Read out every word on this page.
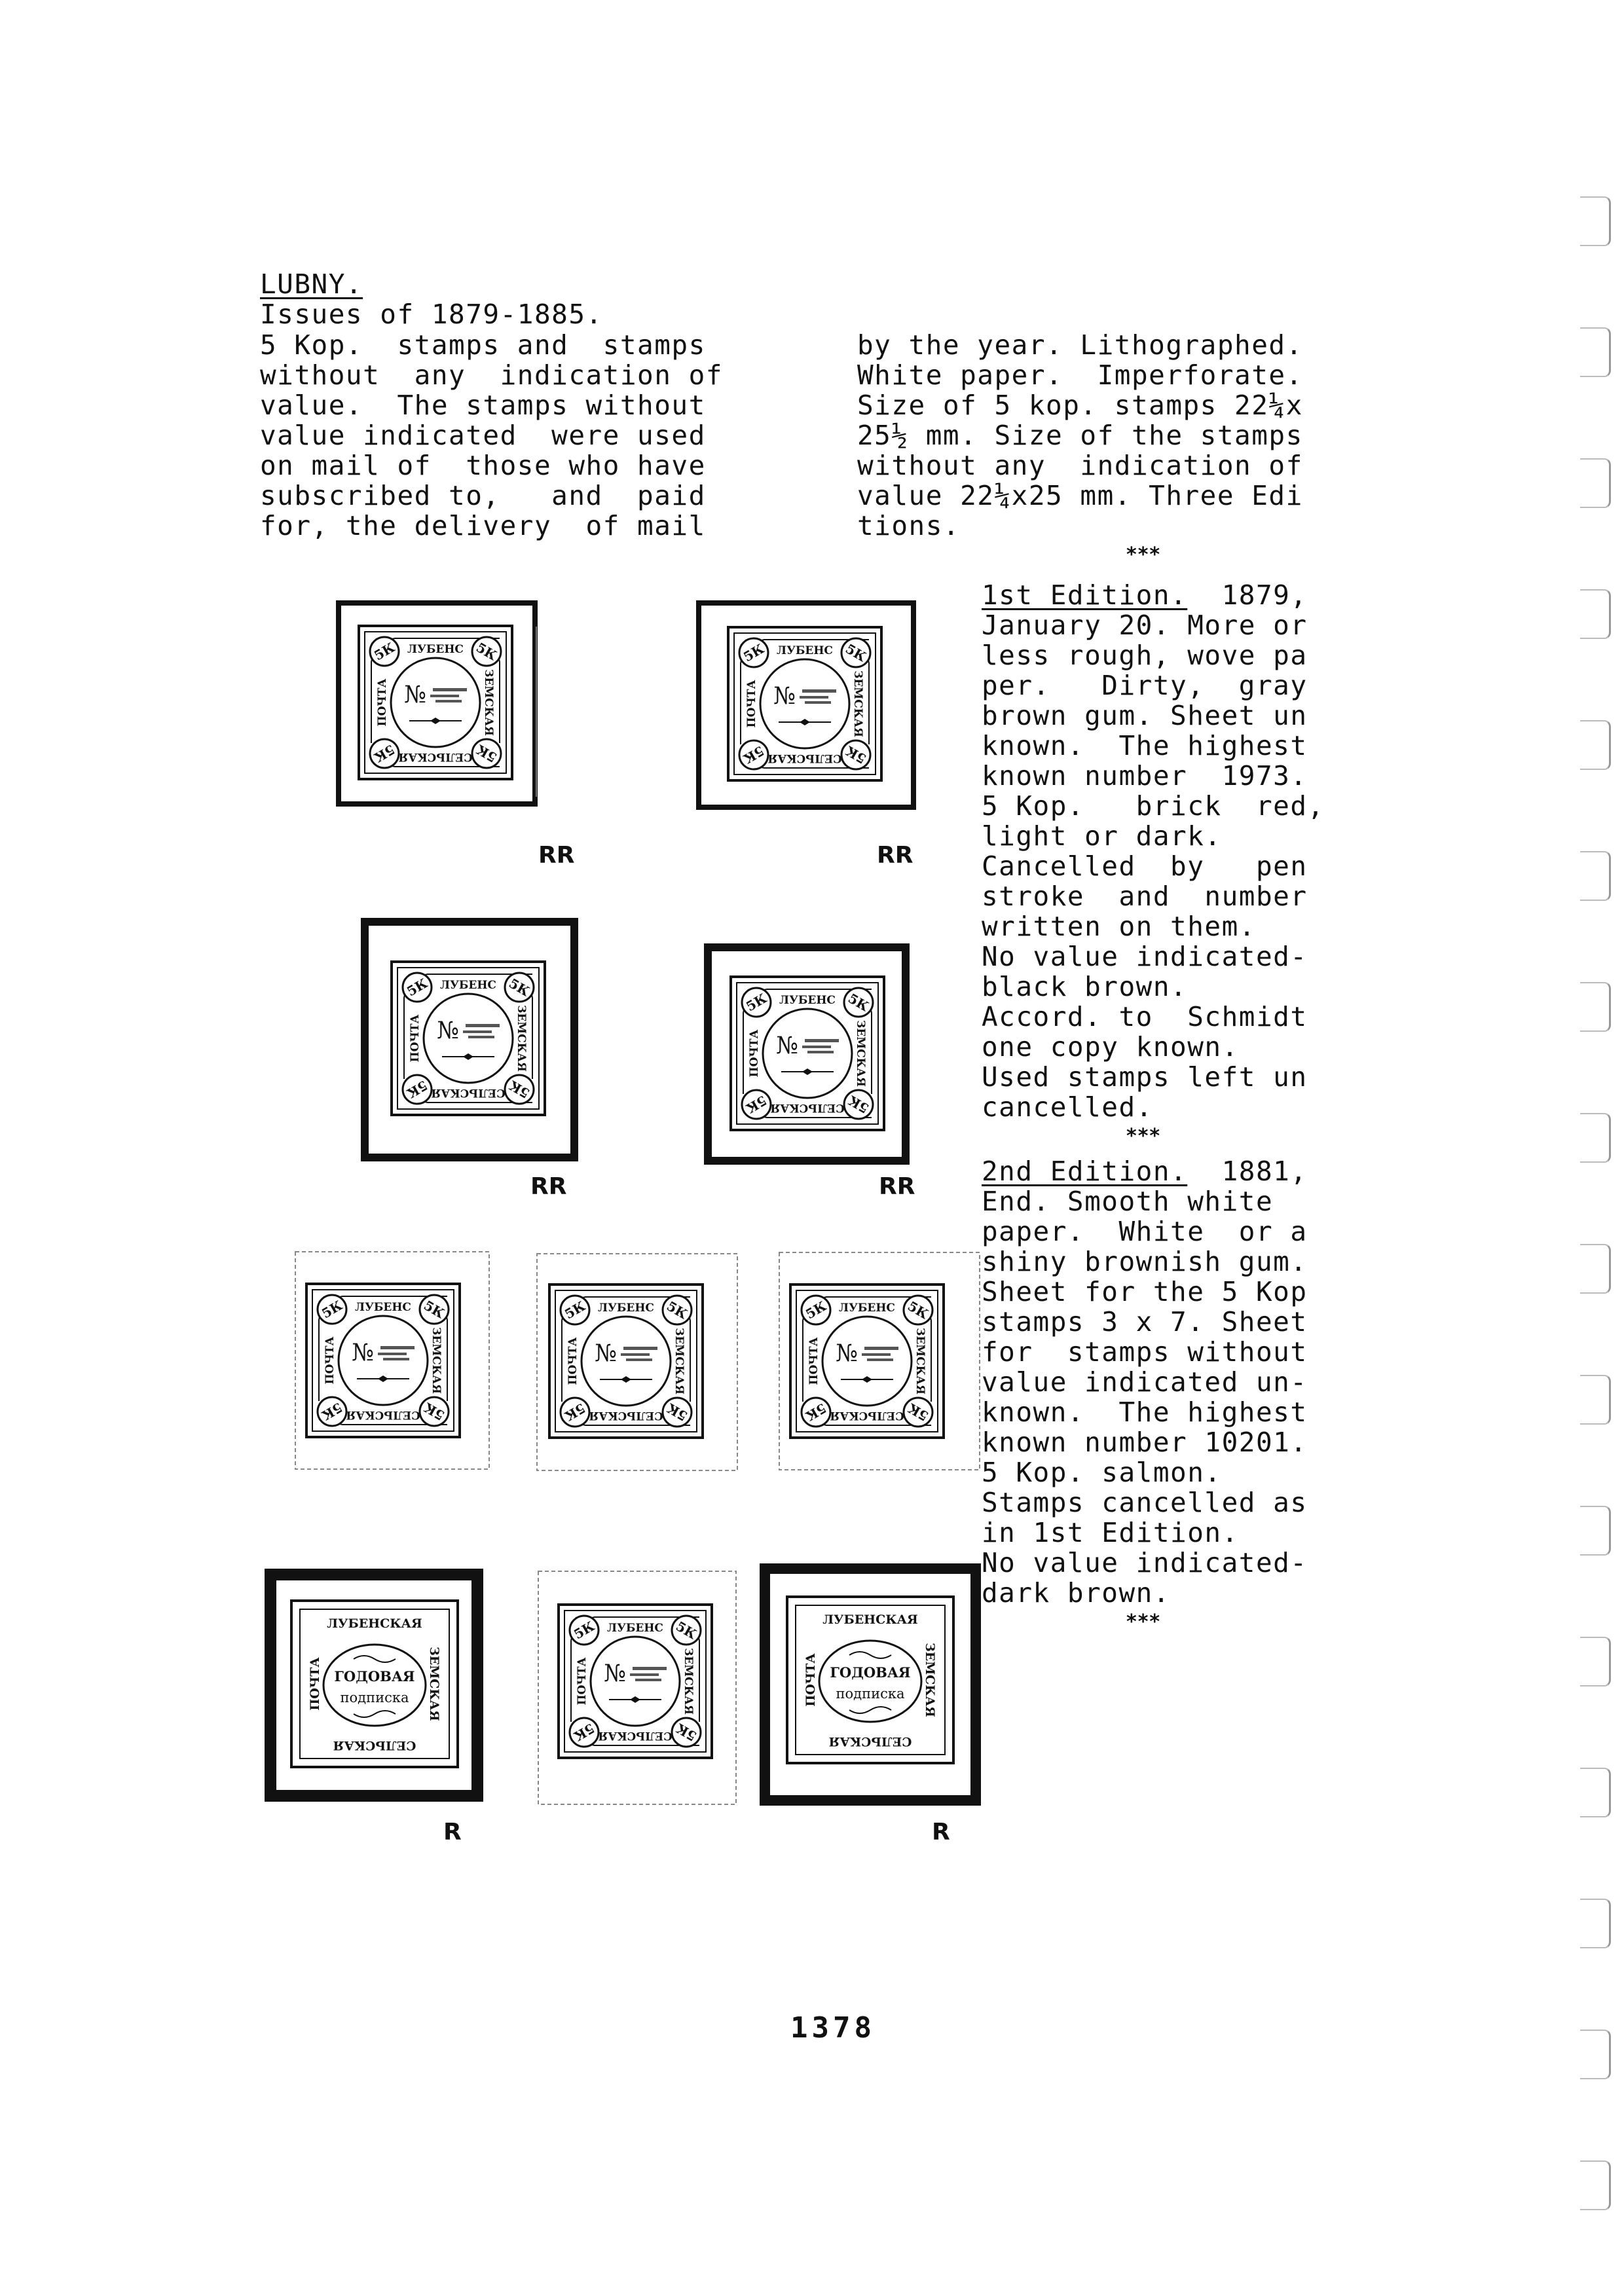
LUBNY.
Issues of 1879-1885.
5 Kop.  stamps and  stamps
without  any  indication of
value.  The stamps without
value indicated  were used
on mail of  those who have
subscribed to,   and  paid
for, the delivery  of mail
by the year. Lithographed.
White paper.  Imperforate.
Size of 5 kop. stamps 22¼x
25½ mm. Size of the stamps
without any  indication of
value 22¼x25 mm. Three Edi
tions.
***
1st Edition.  1879,
January 20. More or
less rough, wove pa
per.   Dirty,  gray
brown gum. Sheet un
known.  The highest
known number  1973.
5 Kop.   brick  red,
light or dark.
Cancelled  by   pen
stroke  and  number
written on them.
No value indicated-
black brown.
Accord. to  Schmidt
one copy known.
Used stamps left un
cancelled.
***
2nd Edition.  1881,
End. Smooth white
paper.  White  or a
shiny brownish gum.
Sheet for the 5 Kop
stamps 3 x 7. Sheet
for  stamps without
value indicated un-
known.  The highest
known number 10201.
5 Kop. salmon.
Stamps cancelled as
in 1st Edition.
No value indicated-
dark brown.
***
RR	RR
RR	RR
R	R
1378
